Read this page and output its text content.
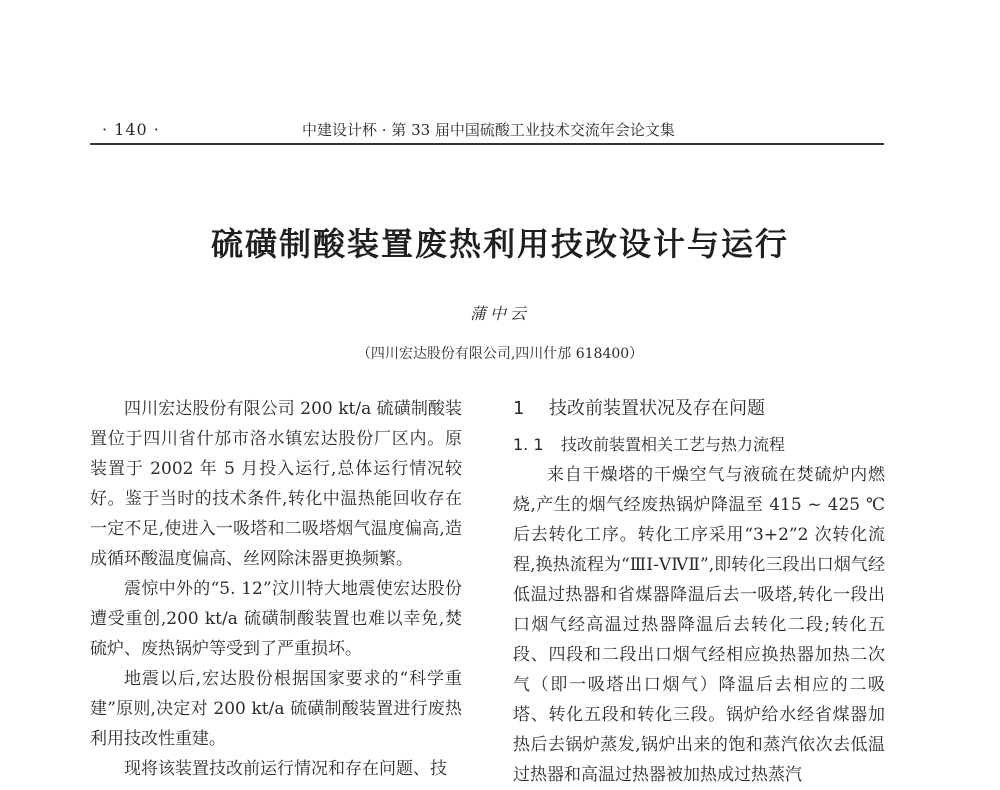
· 140 ·	中建设计杯 · 第 33 届中国硫酸工业技术交流年会论文集
硫磺制酸装置废热利用技改设计与运行
蒲中云
（四川宏达股份有限公司,四川什邡 618400）

四川宏达股份有限公司 200 kt/a 硫磺制酸装置位于四川省什邡市洛水镇宏达股份厂区内。原装置于 2002 年 5 月投入运行,总体运行情况较好。鉴于当时的技术条件,转化中温热能回收存在一定不足,使进入一吸塔和二吸塔烟气温度偏高,造成循环酸温度偏高、丝网除沫器更换频繁。

震惊中外的“5. 12”汶川特大地震使宏达股份遭受重创,200 kt/a 硫磺制酸装置也难以幸免,焚硫炉、废热锅炉等受到了严重损坏。

地震以后,宏达股份根据国家要求的“科学重建”原则,决定对 200 kt/a 硫磺制酸装置进行废热利用技改性重建。

现将该装置技改前运行情况和存在问题、技

1 技改前装置状况及存在问题
1. 1 技改前装置相关工艺与热力流程

来自干燥塔的干燥空气与液硫在焚硫炉内燃烧,产生的烟气经废热锅炉降温至 415 ~ 425 ℃后去转化工序。转化工序采用“3+2”2 次转化流程,换热流程为“ⅢⅠ-ⅤⅣⅡ”,即转化三段出口烟气经低温过热器和省煤器降温后去一吸塔,转化一段出口烟气经高温过热器降温后去转化二段;转化五段、四段和二段出口烟气经相应换热器加热二次气（即一吸塔出口烟气）降温后去相应的二吸塔、转化五段和转化三段。锅炉给水经省煤器加热后去锅炉蒸发,锅炉出来的饱和蒸汽依次去低温过热器和高温过热器被加热成过热蒸汽
